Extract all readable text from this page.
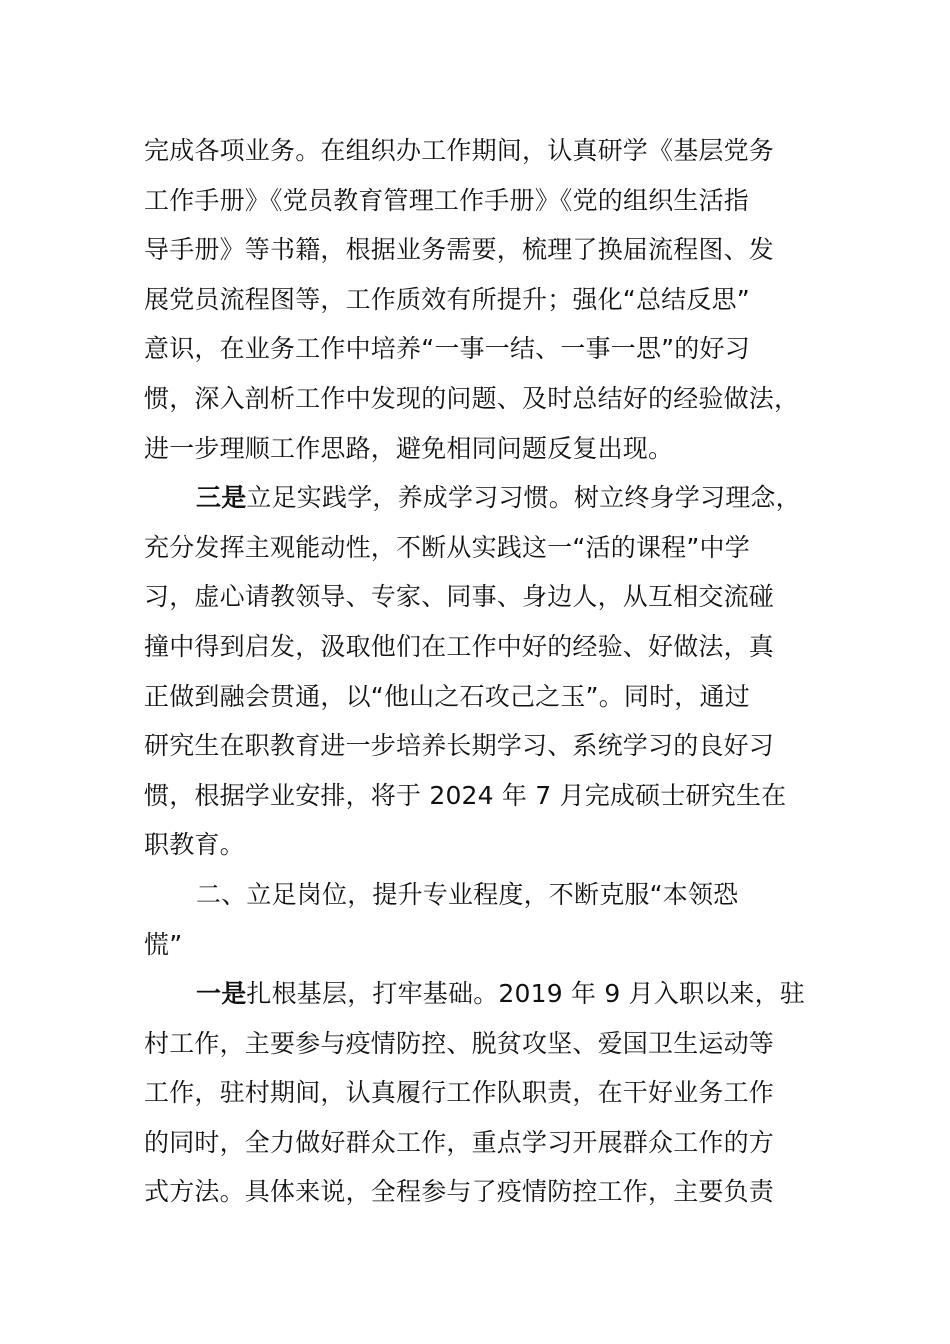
完成各项业务。在组织办工作期间，认真研学《基层党务
工作手册》《党员教育管理工作手册》《党的组织生活指
导手册》等书籍，根据业务需要，梳理了换届流程图、发
展党员流程图等，工作质效有所提升；强化“总结反思”
意识，在业务工作中培养“一事一结、一事一思”的好习
惯，深入剖析工作中发现的问题、及时总结好的经验做法，
进一步理顺工作思路，避免相同问题反复出现。
三是立足实践学，养成学习习惯。树立终身学习理念，
充分发挥主观能动性，不断从实践这一“活的课程”中学
习，虚心请教领导、专家、同事、身边人，从互相交流碰
撞中得到启发，汲取他们在工作中好的经验、好做法，真
正做到融会贯通，以“他山之石攻己之玉”。同时，通过
研究生在职教育进一步培养长期学习、系统学习的良好习
惯，根据学业安排，将于 2024 年 7 月完成硕士研究生在
职教育。
二、立足岗位，提升专业程度，不断克服“本领恐
慌”
一是扎根基层，打牢基础。2019 年 9 月入职以来，驻
村工作，主要参与疫情防控、脱贫攻坚、爱国卫生运动等
工作，驻村期间，认真履行工作队职责，在干好业务工作
的同时，全力做好群众工作，重点学习开展群众工作的方
式方法。具体来说，全程参与了疫情防控工作，主要负责
